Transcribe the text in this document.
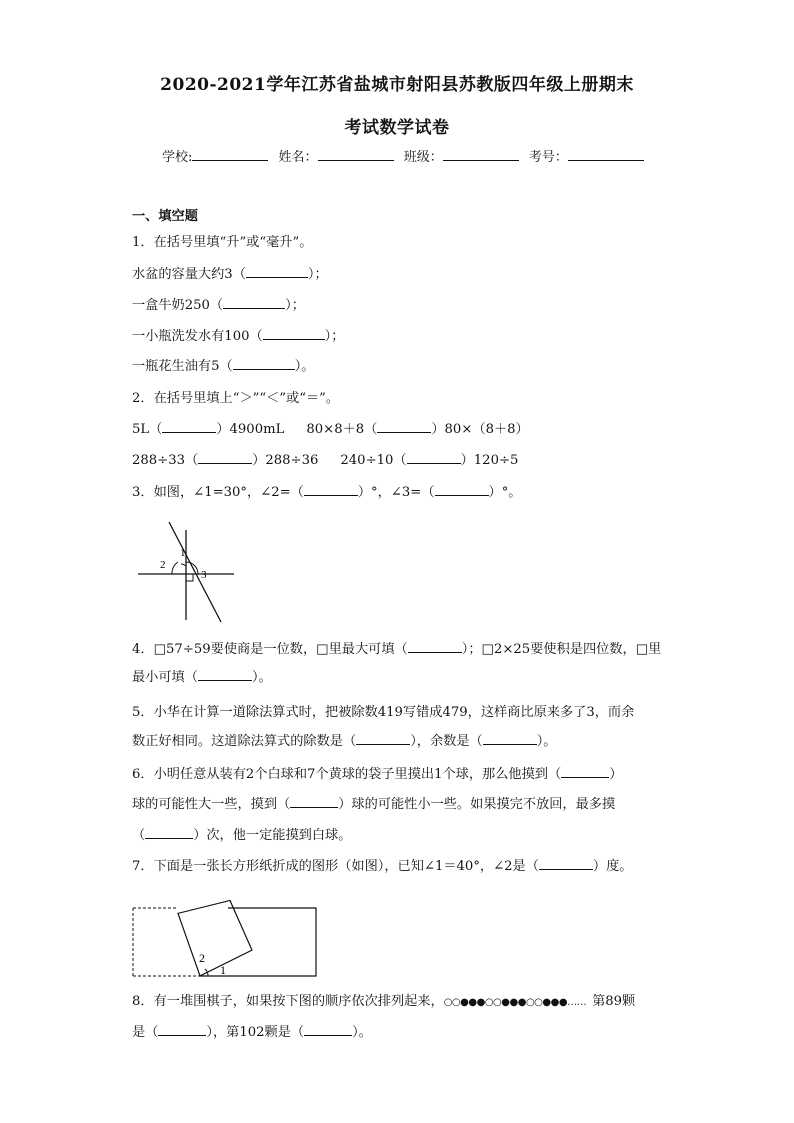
2020-2021学年江苏省盐城市射阳县苏教版四年级上册期末
考试数学试卷
学校:	姓名：	班级：	考号：
一、填空题
1．在括号里填“升”或“毫升”。
水盆的容量大约3（	）；
一盒牛奶250（	）；
一小瓶洗发水有100（	）；
一瓶花生油有5（	）。
2．在括号里填上“＞”“＜”或“＝”。
5L（	）4900mL 80×8＋8（	）80×（8＋8）
288÷33（	）288÷36 240÷10（	）120÷5
3．如图，∠1=30°，∠2=（	）°，∠3=（	）°。
1
2
3
4．□57÷59要使商是一位数，□里最大可填（	）；□2×25要使积是四位数，□里
最小可填（	）。
5．小华在计算一道除法算式时，把被除数419写错成479，这样商比原来多了3，而余
数正好相同。这道除法算式的除数是（	），余数是（	）。
6．小明任意从装有2个白球和7个黄球的袋子里摸出1个球，那么他摸到（	）
球的可能性大一些，摸到（	）球的可能性小一些。如果摸完不放回，最多摸
（	）次，他一定能摸到白球。
7．下面是一张长方形纸折成的图形（如图），已知∠1＝40°，∠2是（	）度。
2
1
8．有一堆围棋子，如果按下图的顺序依次排列起来，○○●●●○○●●●○○●●●…… 第89颗
是（	），第102颗是（	）。
